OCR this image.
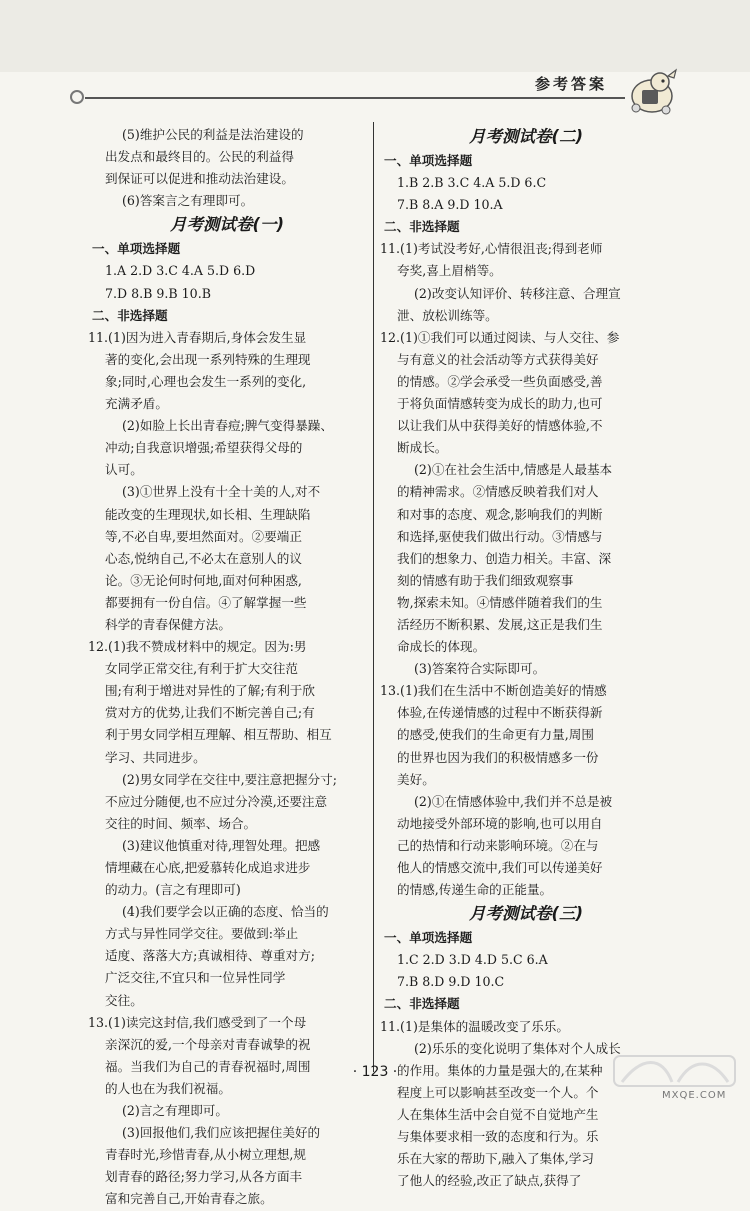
参考答案
(5)维护公民的利益是法治建设的
出发点和最终目的。公民的利益得
到保证可以促进和推动法治建设。
(6)答案言之有理即可。
月考测试卷(一)
一、单项选择题
1.A 2.D 3.C 4.A 5.D 6.D
7.D 8.B 9.B 10.B
二、非选择题
11.(1)因为进入青春期后,身体会发生显
著的变化,会出现一系列特殊的生理现
象;同时,心理也会发生一系列的变化,
充满矛盾。
(2)如脸上长出青春痘;脾气变得暴躁、
冲动;自我意识增强;希望获得父母的
认可。
(3)①世界上没有十全十美的人,对不
能改变的生理现状,如长相、生理缺陷
等,不必自卑,要坦然面对。②要端正
心态,悦纳自己,不必太在意别人的议
论。③无论何时何地,面对何种困惑,
都要拥有一份自信。④了解掌握一些
科学的青春保健方法。
12.(1)我不赞成材料中的规定。因为:男
女同学正常交往,有利于扩大交往范
围;有利于增进对异性的了解;有利于欣
赏对方的优势,让我们不断完善自己;有
利于男女同学相互理解、相互帮助、相互
学习、共同进步。
(2)男女同学在交往中,要注意把握分寸;
不应过分随便,也不应过分冷漠,还要注意
交往的时间、频率、场合。
(3)建议他慎重对待,理智处理。把感
情埋藏在心底,把爱慕转化成追求进步
的动力。(言之有理即可)
(4)我们要学会以正确的态度、恰当的
方式与异性同学交往。要做到:举止
适度、落落大方;真诚相待、尊重对方;
广泛交往,不宜只和一位异性同学
交往。
13.(1)读完这封信,我们感受到了一个母
亲深沉的爱,一个母亲对青春诚挚的祝
福。当我们为自己的青春祝福时,周围
的人也在为我们祝福。
(2)言之有理即可。
(3)回报他们,我们应该把握住美好的
青春时光,珍惜青春,从小树立理想,规
划青春的路径;努力学习,从各方面丰
富和完善自己,开始青春之旅。
月考测试卷(二)
一、单项选择题
1.B 2.B 3.C 4.A 5.D 6.C
7.B 8.A 9.D 10.A
二、非选择题
11.(1)考试没考好,心情很沮丧;得到老师
夸奖,喜上眉梢等。
(2)改变认知评价、转移注意、合理宣
泄、放松训练等。
12.(1)①我们可以通过阅读、与人交往、参
与有意义的社会活动等方式获得美好
的情感。②学会承受一些负面感受,善
于将负面情感转变为成长的助力,也可
以让我们从中获得美好的情感体验,不
断成长。
(2)①在社会生活中,情感是人最基本
的精神需求。②情感反映着我们对人
和对事的态度、观念,影响我们的判断
和选择,驱使我们做出行动。③情感与
我们的想象力、创造力相关。丰富、深
刻的情感有助于我们细致观察事
物,探索未知。④情感伴随着我们的生
活经历不断积累、发展,这正是我们生
命成长的体现。
(3)答案符合实际即可。
13.(1)我们在生活中不断创造美好的情感
体验,在传递情感的过程中不断获得新
的感受,使我们的生命更有力量,周围
的世界也因为我们的积极情感多一份
美好。
(2)①在情感体验中,我们并不总是被
动地接受外部环境的影响,也可以用自
己的热情和行动来影响环境。②在与
他人的情感交流中,我们可以传递美好
的情感,传递生命的正能量。
月考测试卷(三)
一、单项选择题
1.C 2.D 3.D 4.D 5.C 6.A
7.B 8.D 9.D 10.C
二、非选择题
11.(1)是集体的温暖改变了乐乐。
(2)乐乐的变化说明了集体对个人成长
的作用。集体的力量是强大的,在某种
程度上可以影响甚至改变一个人。个
人在集体生活中会自觉不自觉地产生
与集体要求相一致的态度和行为。乐
乐在大家的帮助下,融入了集体,学习
了他人的经验,改正了缺点,获得了
· 123 ·
MXQE.COM
